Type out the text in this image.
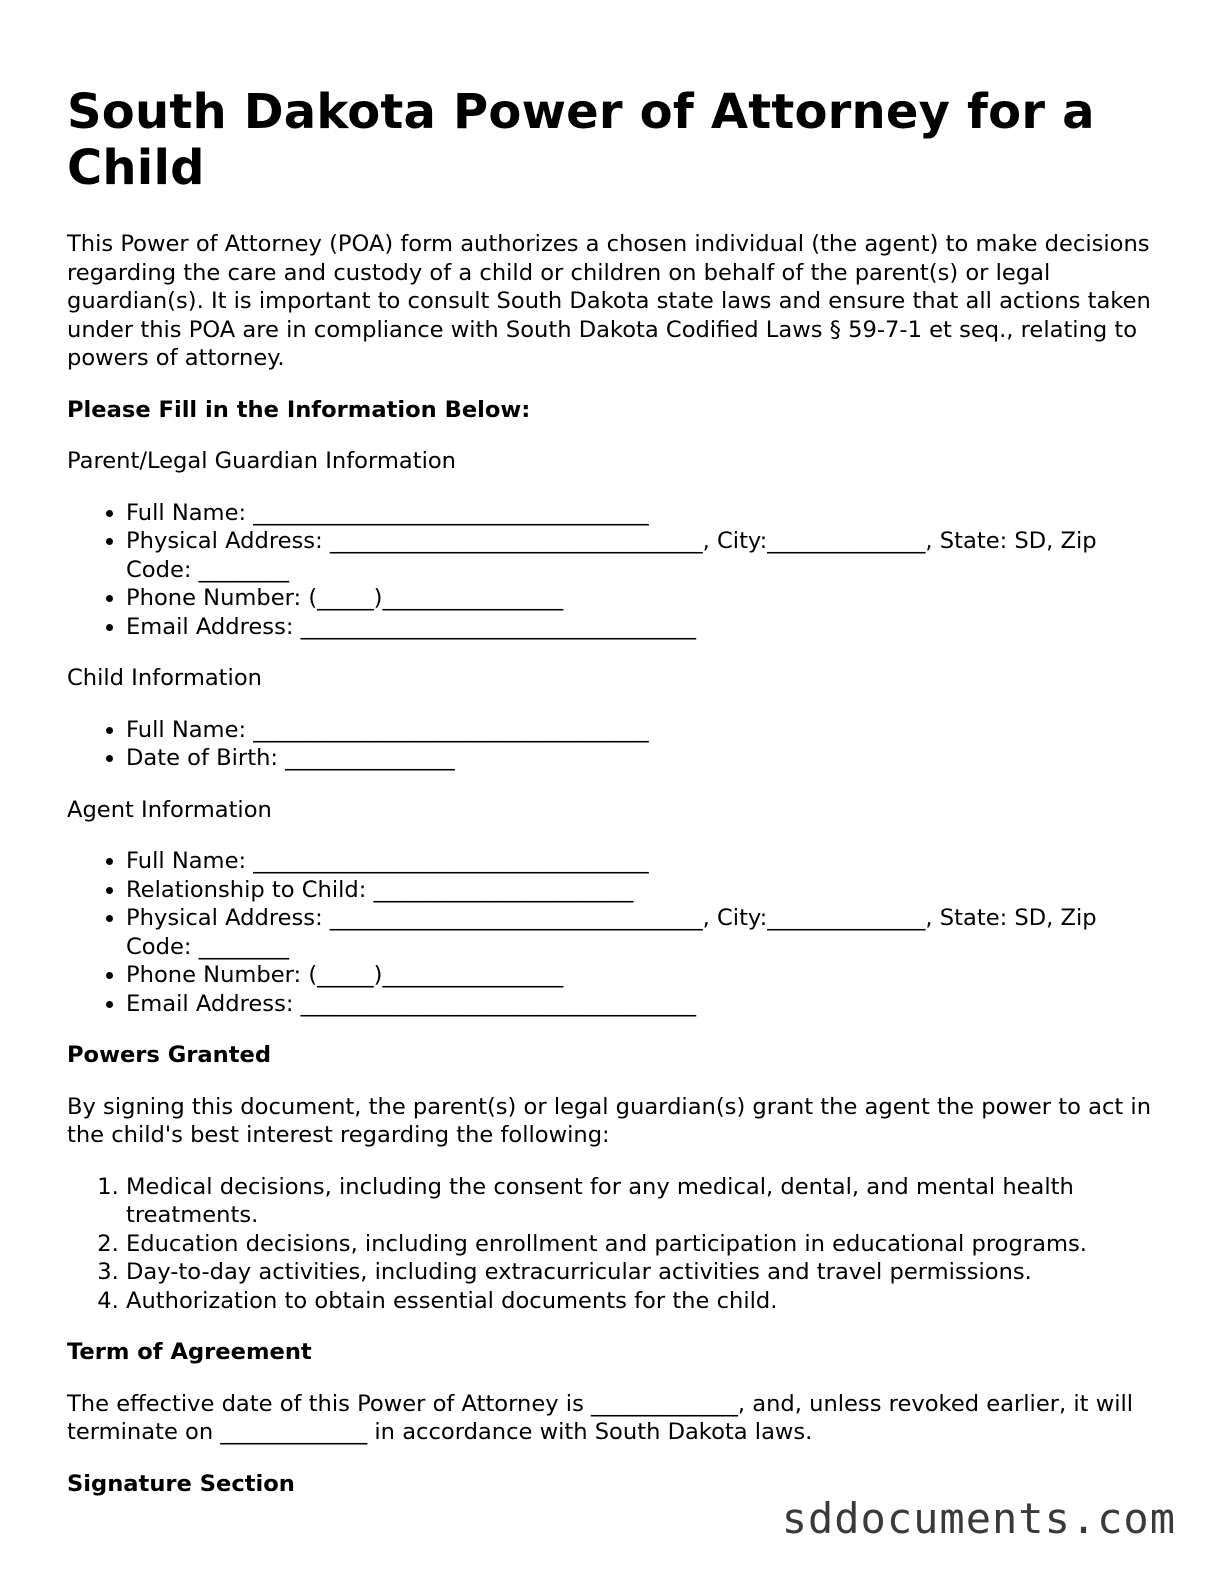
South Dakota Power of Attorney for a Child

This Power of Attorney (POA) form authorizes a chosen individual (the agent) to make decisions regarding the care and custody of a child or children on behalf of the parent(s) or legal guardian(s). It is important to consult South Dakota state laws and ensure that all actions taken under this POA are in compliance with South Dakota Codified Laws § 59-7-1 et seq., relating to powers of attorney.

Please Fill in the Information Below:
Parent/Legal Guardian Information
• Full Name: ___________________________________
• Physical Address: _________________________________, City:______________, State: SD, Zip Code: ________
• Phone Number: (_____)________________
• Email Address: ___________________________________
Child Information
• Full Name: ___________________________________
• Date of Birth: _______________
Agent Information
• Full Name: ___________________________________
• Relationship to Child: _______________________
• Physical Address: _________________________________, City:______________, State: SD, Zip Code: ________
• Phone Number: (_____)________________
• Email Address: ___________________________________
Powers Granted

By signing this document, the parent(s) or legal guardian(s) grant the agent the power to act in the child's best interest regarding the following:

1. Medical decisions, including the consent for any medical, dental, and mental health treatments.
2. Education decisions, including enrollment and participation in educational programs.
3. Day-to-day activities, including extracurricular activities and travel permissions.
4. Authorization to obtain essential documents for the child.
Term of Agreement

The effective date of this Power of Attorney is _____________, and, unless revoked earlier, it will terminate on _____________ in accordance with South Dakota laws.

Signature Section
sddocuments.com
